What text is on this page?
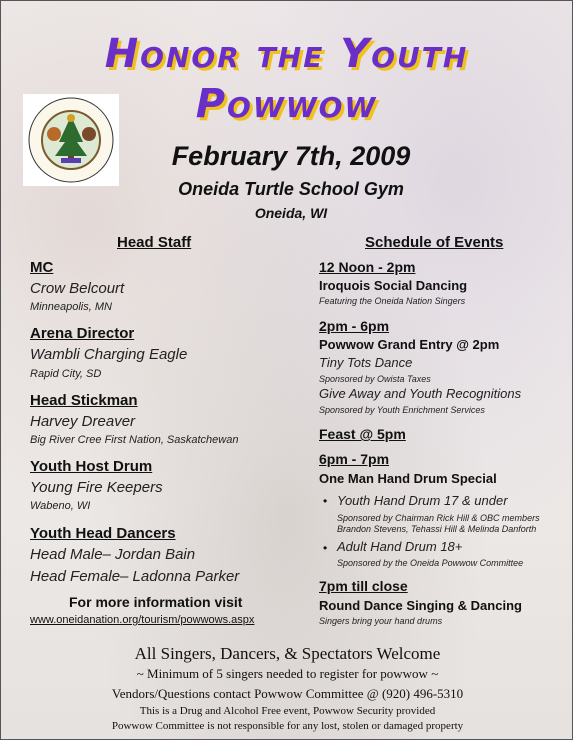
Honor the Youth
Powwow
February 7th, 2009
Oneida Turtle School Gym
Oneida, WI
Head Staff
MC
Crow Belcourt
Minneapolis, MN
Arena Director
Wambli Charging Eagle
Rapid City, SD
Head Stickman
Harvey Dreaver
Big River Cree First Nation, Saskatchewan
Youth Host Drum
Young Fire Keepers
Wabeno, WI
Youth Head Dancers
Head Male– Jordan Bain
Head Female– Ladonna Parker
For more information visit
www.oneidanation.org/tourism/powwows.aspx
Schedule of Events
12 Noon - 2pm
Iroquois Social Dancing
Featuring the Oneida Nation Singers
2pm - 6pm
Powwow Grand Entry @ 2pm
Tiny Tots Dance
Sponsored by Owista Taxes
Give Away and Youth Recognitions
Sponsored by Youth Enrichment Services
Feast @ 5pm
6pm - 7pm
One Man Hand Drum Special
• Youth Hand Drum 17 & under
Sponsored by Chairman Rick Hill & OBC members
Brandon Stevens, Tehassi Hill & Melinda Danforth
• Adult Hand Drum 18+
Sponsored by the Oneida Powwow Committee
7pm till close
Round Dance Singing & Dancing
Singers bring your hand drums
All Singers, Dancers, & Spectators Welcome
~ Minimum of 5 singers needed to register for powwow ~
Vendors/Questions contact Powwow Committee @ (920) 496-5310
This is a Drug and Alcohol Free event, Powwow Security provided
Powwow Committee is not responsible for any lost, stolen or damaged property
